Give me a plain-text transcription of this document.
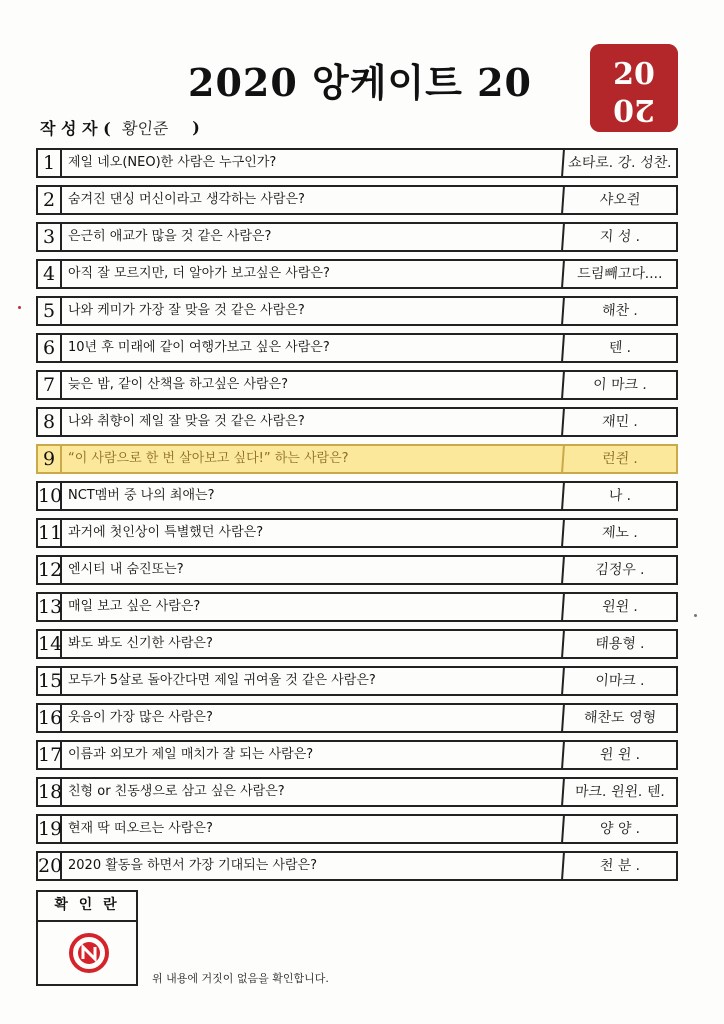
2020 앙케이트 20	20
20
작 성 자 ( 황인준 )
1 제일 네오(NEO)한 사람은 누구인가?	쇼타로. 강. 성찬.
2 숨겨진 댄싱 머신이라고 생각하는 사람은?	샤오쥔
3 은근히 애교가 많을 것 같은 사람은?	지 성 .
4 아직 잘 모르지만, 더 알아가 보고싶은 사람은?	드림빼고다....
5 나와 케미가 가장 잘 맞을 것 같은 사람은?	해찬 .
6 10년 후 미래에 같이 여행가보고 싶은 사람은?	텐 .
7 늦은 밤, 같이 산책을 하고싶은 사람은?	이 마크 .
8 나와 취향이 제일 잘 맞을 것 같은 사람은?	재민 .
9 “이 사람으로 한 번 살아보고 싶다!” 하는 사람은?	런쥔 .
10 NCT멤버 중 나의 최애는?	나 .
11 과거에 첫인상이 특별했던 사람은?	제노 .
12 엔시티 내 숨진또는?	김정우 .
13 매일 보고 싶은 사람은?	윈윈 .
14 봐도 봐도 신기한 사람은?	태용형 .
15 모두가 5살로 돌아간다면 제일 귀여울 것 같은 사람은?	이마크 .
16 웃음이 가장 많은 사람은?	해찬도 영형
17 이름과 외모가 제일 매치가 잘 되는 사람은?	윈 윈 .
18 친형 or 친동생으로 삼고 싶은 사람은?	마크. 윈윈. 텐.
19 현재 딱 떠오르는 사람은?	양 양 .
20 2020 활동을 하면서 가장 기대되는 사람은?	천 분 .
확 인 란
위 내용에 거짓이 없음을 확인합니다.
